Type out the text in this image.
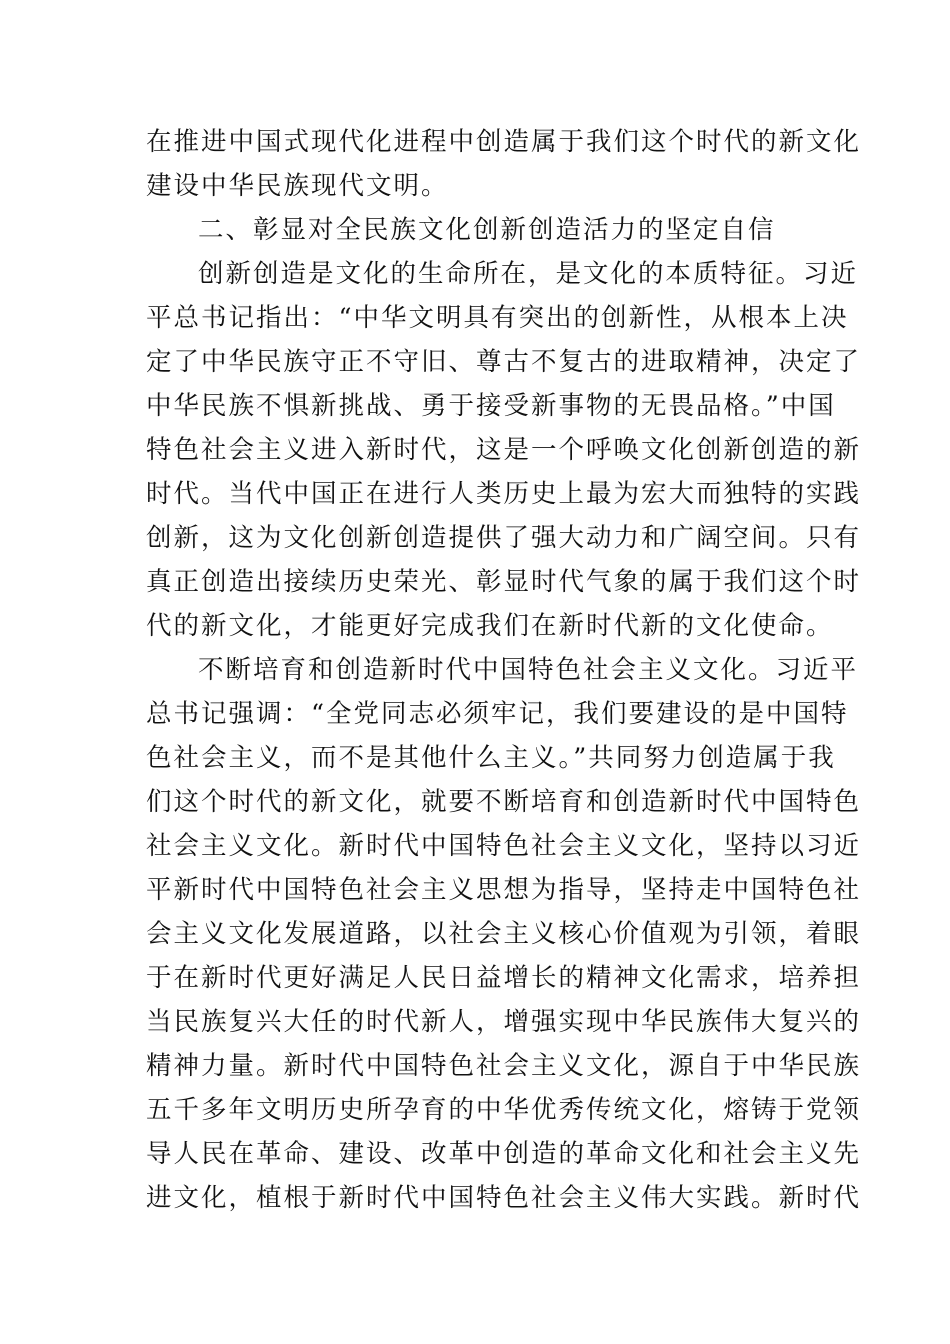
在推进中国式现代化进程中创造属于我们这个时代的新文化
建设中华民族现代文明。
二、彰显对全民族文化创新创造活力的坚定自信
创新创造是文化的生命所在，是文化的本质特征。习近
平总书记指出：“中华文明具有突出的创新性，从根本上决
定了中华民族守正不守旧、尊古不复古的进取精神，决定了
中华民族不惧新挑战、勇于接受新事物的无畏品格。”中国
特色社会主义进入新时代，这是一个呼唤文化创新创造的新
时代。当代中国正在进行人类历史上最为宏大而独特的实践
创新，这为文化创新创造提供了强大动力和广阔空间。只有
真正创造出接续历史荣光、彰显时代气象的属于我们这个时
代的新文化，才能更好完成我们在新时代新的文化使命。
不断培育和创造新时代中国特色社会主义文化。习近平
总书记强调：“全党同志必须牢记，我们要建设的是中国特
色社会主义，而不是其他什么主义。”共同努力创造属于我
们这个时代的新文化，就要不断培育和创造新时代中国特色
社会主义文化。新时代中国特色社会主义文化，坚持以习近
平新时代中国特色社会主义思想为指导，坚持走中国特色社
会主义文化发展道路，以社会主义核心价值观为引领，着眼
于在新时代更好满足人民日益增长的精神文化需求，培养担
当民族复兴大任的时代新人，增强实现中华民族伟大复兴的
精神力量。新时代中国特色社会主义文化，源自于中华民族
五千多年文明历史所孕育的中华优秀传统文化，熔铸于党领
导人民在革命、建设、改革中创造的革命文化和社会主义先
进文化，植根于新时代中国特色社会主义伟大实践。新时代
